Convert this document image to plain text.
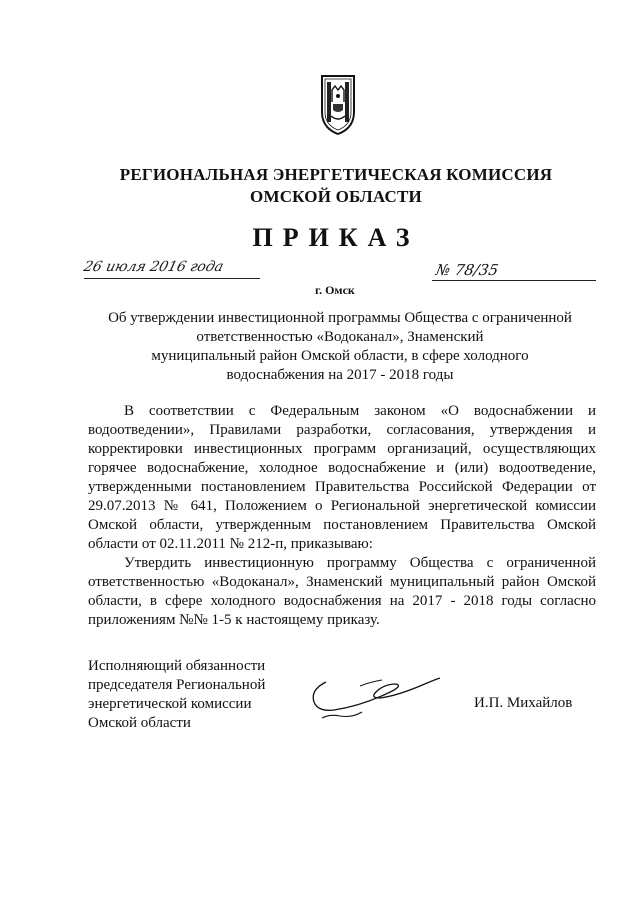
РЕГИОНАЛЬНАЯ ЭНЕРГЕТИЧЕСКАЯ КОМИССИЯ
ОМСКОЙ ОБЛАСТИ
ПРИКАЗ
26 июля 2016 года
г. Омск
№ 78/35
Об утверждении инвестиционной программы Общества с ограниченной
ответственностью «Водоканал», Знаменский
муниципальный район Омской области, в сфере холодного
водоснабжения на 2017 - 2018 годы
В соответствии с Федеральным законом «О водоснабжении и
водоотведении», Правилами разработки, согласования, утверждения и
корректировки инвестиционных программ организаций, осуществляющих
горячее водоснабжение, холодное водоснабжение и (или) водоотведение,
утвержденными постановлением Правительства Российской Федерации от
29.07.2013 № 641, Положением о Региональной энергетической комиссии
Омской области, утвержденным постановлением Правительства Омской
области от 02.11.2011 № 212-п, приказываю:
Утвердить инвестиционную программу Общества с ограниченной
ответственностью «Водоканал», Знаменский муниципальный район Омской
области, в сфере холодного водоснабжения на 2017 - 2018 годы согласно
приложениям №№ 1-5 к настоящему приказу.
Исполняющий обязанности
председателя Региональной
энергетической комиссии
Омской области
И.П. Михайлов
